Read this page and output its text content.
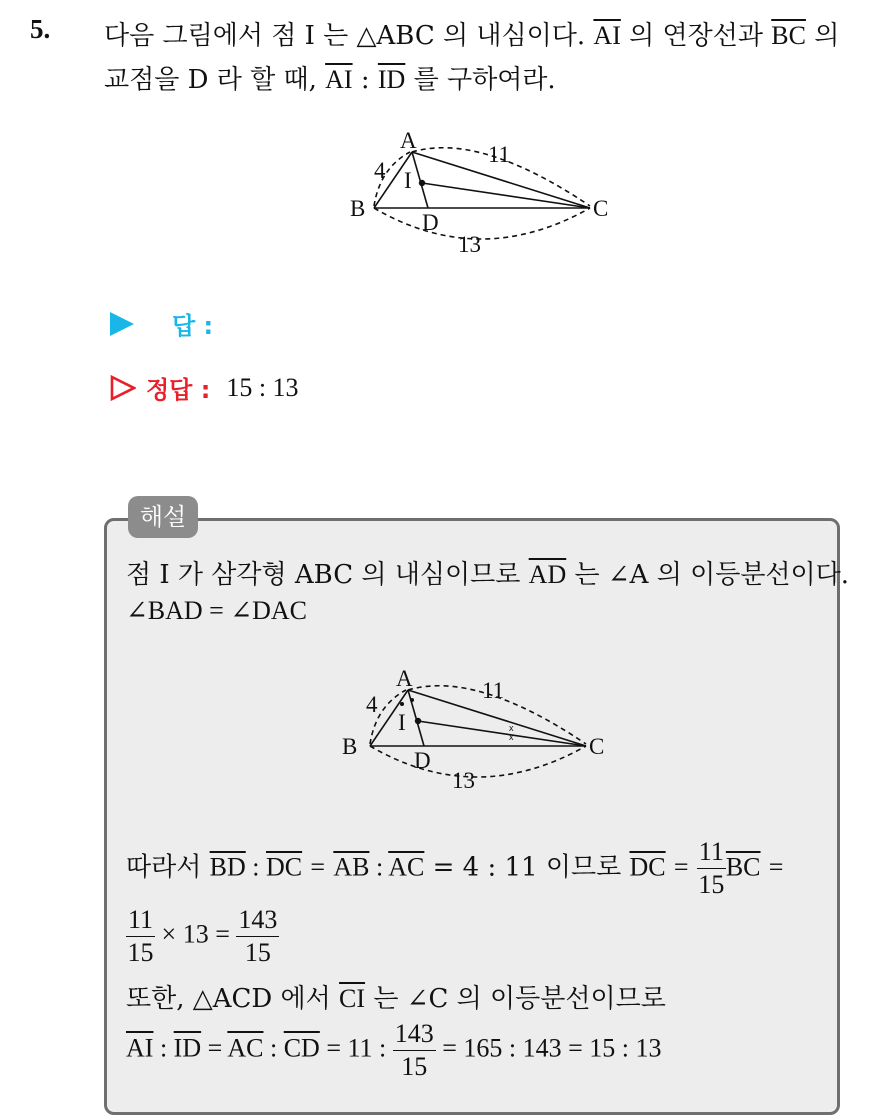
5. 다음 그림에서 점 I 는 △ABC 의 내심이다. $\overline{AI}$ 의 연장선과 $\overline{BC}$ 의
교점을 D 라 할 때, $\overline{AI}$ : $\overline{ID}$ 를 구하여라.
A
B	C
D
I
4
11
13
답 :
정답 : 15 : 13
해설
점 I 가 삼각형 ABC 의 내심이므로 $\overline{AD}$ 는 ∠A 의 이등분선이다.
∠BAD = ∠DAC
x
x
A
B	C
D
I
4
11
13
따라서 $\overline{BD}$ : $\overline{DC} = \overline{AB}$ : $\overline{AC} = 4$ : 11 이므로 $\overline{DC} = \frac{11}{15} \overline{BC}$ =
$\frac{11}{15} \times 13 = \frac{143}{15}$
또한, △ACD 에서 $\overline{CI}$ 는 ∠C 의 이등분선이므로
$\overline{AI}$ : $\overline{ID} = \overline{AC}$ : $\overline{CD} = 11$ : $\frac{143}{15} = 165$ : 143 = 15 : 13
